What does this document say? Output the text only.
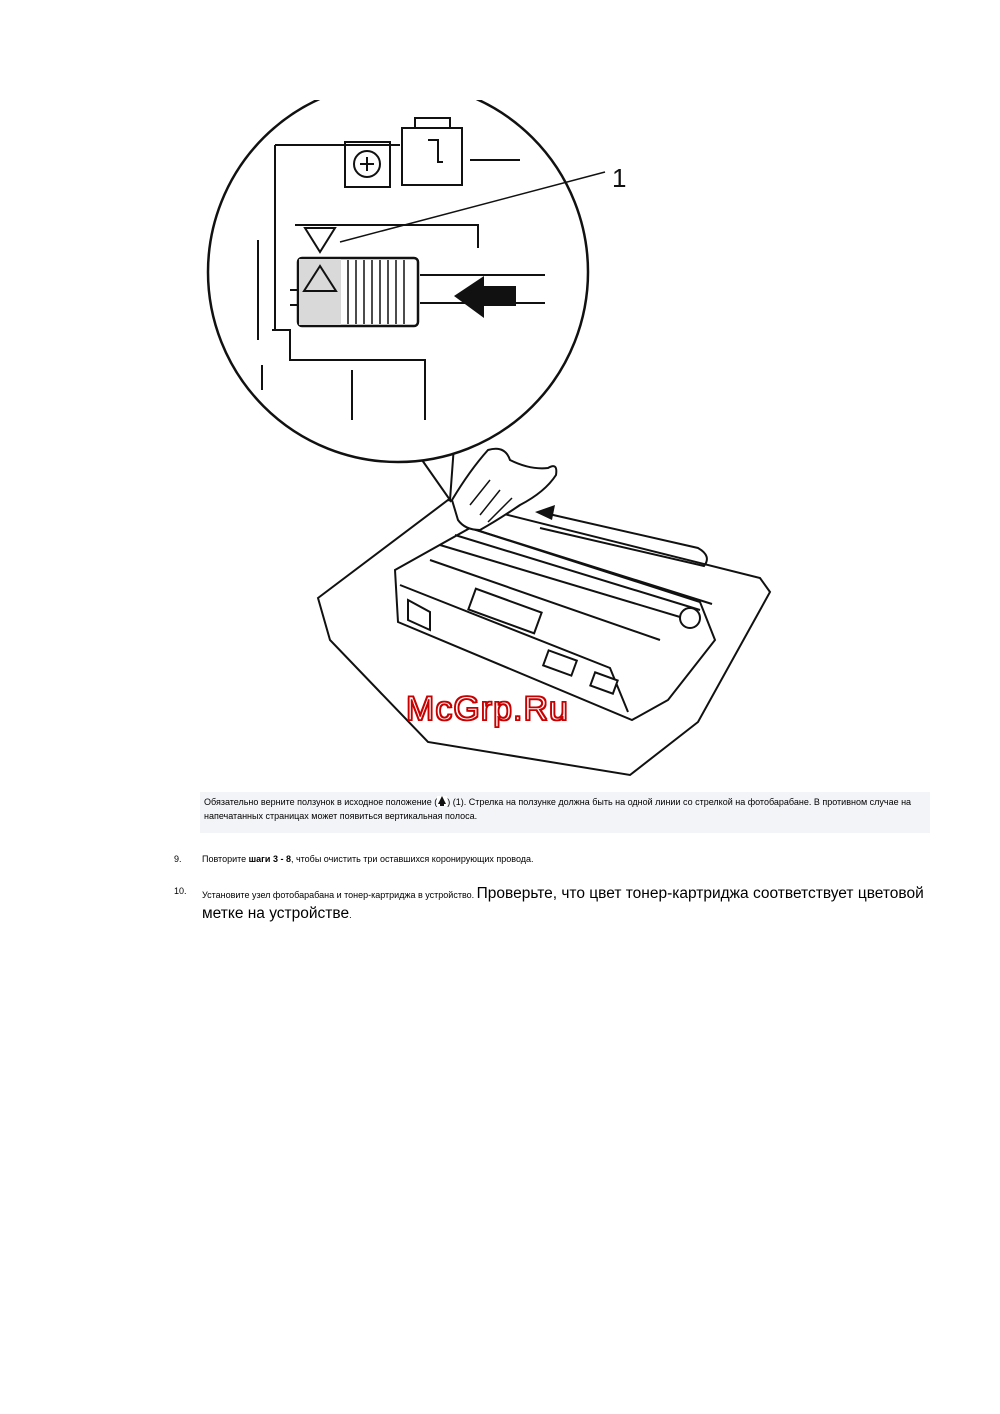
1
McGrp.Ru
Обязательно верните ползунок в исходное положение ( ) (1). Стрелка на ползунке должна быть на одной линии со стрелкой на фотобарабане. В противном случае на напечатанных страницах может появиться вертикальная полоса.
9. Повторите шаги 3 - 8, чтобы очистить три оставшихся коронирующих провода.
10. Установите узел фотобарабана и тонер-картриджа в устройство. Проверьте, что цвет тонер-картриджа соответствует цветовой метке на устройстве.
